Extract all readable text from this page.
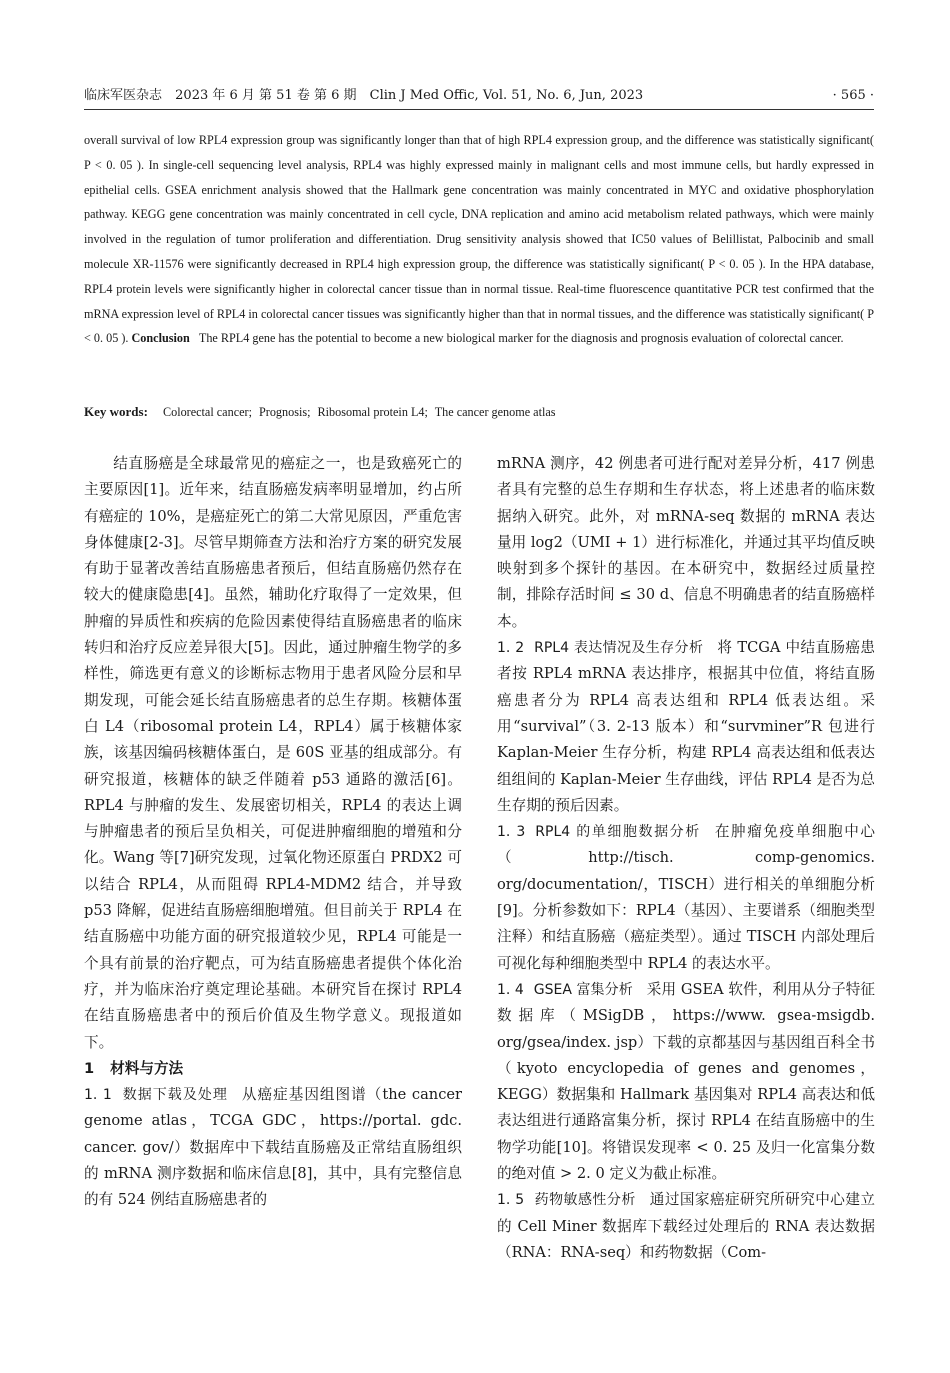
临床军医杂志 2023 年 6 月 第 51 卷 第 6 期 Clin J Med Offic, Vol. 51, No. 6, Jun, 2023	· 565 ·

overall survival of low RPL4 expression group was significantly longer than that of high RPL4 expression group, and the difference was statistically significant( P < 0. 05 ). In single-cell sequencing level analysis, RPL4 was highly expressed mainly in malignant cells and most immune cells, but hardly expressed in epithelial cells. GSEA enrichment analysis showed that the Hallmark gene concentration was mainly concentrated in MYC and oxidative phosphorylation pathway. KEGG gene concentration was mainly concentrated in cell cycle, DNA replication and amino acid metabolism related pathways, which were mainly involved in the regulation of tumor proliferation and differentiation. Drug sensitivity analysis showed that IC50 values of Belillistat, Palbocinib and small molecule XR-11576 were significantly decreased in RPL4 high expression group, the difference was statistically significant( P < 0. 05 ). In the HPA database, RPL4 protein levels were significantly higher in colorectal cancer tissue than in normal tissue. Real-time fluorescence quantitative PCR test confirmed that the mRNA expression level of RPL4 in colorectal cancer tissues was significantly higher than that in normal tissues, and the difference was statistically significant( P < 0. 05 ). Conclusion The RPL4 gene has the potential to become a new biological marker for the diagnosis and prognosis evaluation of colorectal cancer.

Key words: Colorectal cancer; Prognosis; Ribosomal protein L4; The cancer genome atlas

结直肠癌是全球最常见的癌症之一，也是致癌死亡的主要原因[1]。近年来，结直肠癌发病率明显增加，约占所有癌症的 10%，是癌症死亡的第二大常见原因，严重危害身体健康[2-3]。尽管早期筛查方法和治疗方案的研究发展有助于显著改善结直肠癌患者预后，但结直肠癌仍然存在较大的健康隐患[4]。虽然，辅助化疗取得了一定效果，但肿瘤的异质性和疾病的危险因素使得结直肠癌患者的临床转归和治疗反应差异很大[5]。因此，通过肿瘤生物学的多样性，筛选更有意义的诊断标志物用于患者风险分层和早期发现，可能会延长结直肠癌患者的总生存期。核糖体蛋白 L4（ribosomal protein L4，RPL4）属于核糖体家族，该基因编码核糖体蛋白，是 60S 亚基的组成部分。有研究报道，核糖体的缺乏伴随着 p53 通路的激活[6]。RPL4 与肿瘤的发生、发展密切相关，RPL4 的表达上调与肿瘤患者的预后呈负相关，可促进肿瘤细胞的增殖和分化。Wang 等[7]研究发现，过氧化物还原蛋白 PRDX2 可以结合 RPL4，从而阻碍 RPL4-MDM2 结合，并导致 p53 降解，促进结直肠癌细胞增殖。但目前关于 RPL4 在结直肠癌中功能方面的研究报道较少见，RPL4 可能是一个具有前景的治疗靶点，可为结直肠癌患者提供个体化治疗，并为临床治疗奠定理论基础。本研究旨在探讨 RPL4 在结直肠癌患者中的预后价值及生物学意义。现报道如下。

1 材料与方法

1. 1 数据下载及处理 从癌症基因组图谱（the cancer genome atlas，TCGA GDC，https://portal. gdc. cancer. gov/）数据库中下载结直肠癌及正常结直肠组织的 mRNA 测序数据和临床信息[8]，其中，具有完整信息的有 524 例结直肠癌患者的

mRNA 测序，42 例患者可进行配对差异分析，417 例患者具有完整的总生存期和生存状态，将上述患者的临床数据纳入研究。此外，对 mRNA-seq 数据的 mRNA 表达量用 log2（UMI + 1）进行标准化，并通过其平均值反映映射到多个探针的基因。在本研究中，数据经过质量控制，排除存活时间 ≤ 30 d、信息不明确患者的结直肠癌样本。

1. 2 RPL4 表达情况及生存分析 将 TCGA 中结直肠癌患者按 RPL4 mRNA 表达排序，根据其中位值，将结直肠癌患者分为 RPL4 高表达组和 RPL4 低表达组。采用“survival”（3. 2-13 版本）和“survminer”R 包进行 Kaplan-Meier 生存分析，构建 RPL4 高表达组和低表达组组间的 Kaplan-Meier 生存曲线，评估 RPL4 是否为总生存期的预后因素。

1. 3 RPL4 的单细胞数据分析 在肿瘤免疫单细胞中心（http://tisch. comp-genomics. org/documentation/，TISCH）进行相关的单细胞分析[9]。分析参数如下：RPL4（基因）、主要谱系（细胞类型注释）和结直肠癌（癌症类型）。通过 TISCH 内部处理后可视化每种细胞类型中 RPL4 的表达水平。

1. 4 GSEA 富集分析 采用 GSEA 软件，利用从分子特征数据库（MSigDB，https://www. gsea-msigdb. org/gsea/index. jsp）下载的京都基因与基因组百科全书（kyoto encyclopedia of genes and genomes，KEGG）数据集和 Hallmark 基因集对 RPL4 高表达和低表达组进行通路富集分析，探讨 RPL4 在结直肠癌中的生物学功能[10]。将错误发现率 < 0. 25 及归一化富集分数的绝对值 > 2. 0 定义为截止标准。

1. 5 药物敏感性分析 通过国家癌症研究所研究中心建立的 Cell Miner 数据库下载经过处理后的 RNA 表达数据（RNA：RNA-seq）和药物数据（Com-
